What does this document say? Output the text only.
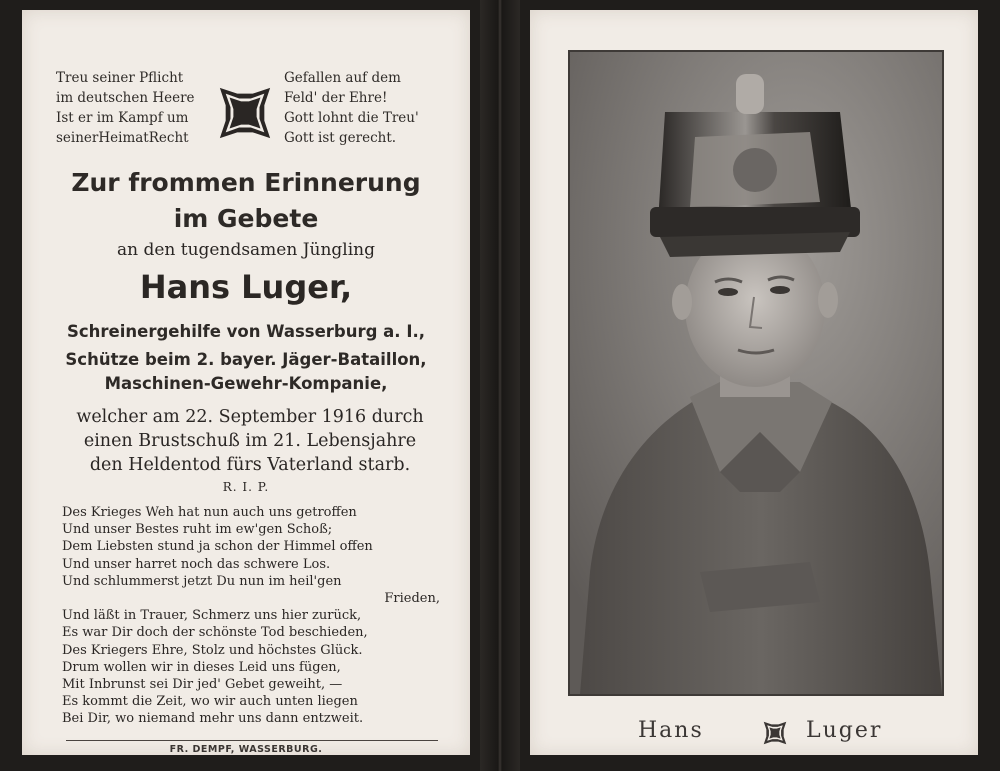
Treu seiner Pflicht
im deutschen Heere
Ist er im Kampf um
seinerHeimatRecht
Gefallen auf dem
Feld' der Ehre!
Gott lohnt die Treu'
Gott ist gerecht.
Zur frommen Erinnerung
im Gebete
an den tugendsamen Jüngling
Hans Luger,
Schreinergehilfe von Wasserburg a. I.,
Schütze beim 2. bayer. Jäger-Bataillon,
Maschinen-Gewehr-Kompanie,
welcher am 22. September 1916 durch
einen Brustschuß im 21. Lebensjahre
den Heldentod fürs Vaterland starb.
R. I. P.
Des Krieges Weh hat nun auch uns getroffen
Und unser Bestes ruht im ew'gen Schoß;
Dem Liebsten stund ja schon der Himmel offen
Und unser harret noch das schwere Los.
Und schlummerst jetzt Du nun im heil'gen
Frieden,
Und läßt in Trauer, Schmerz uns hier zurück,
Es war Dir doch der schönste Tod beschieden,
Des Kriegers Ehre, Stolz und höchstes Glück.
Drum wollen wir in dieses Leid uns fügen,
Mit Inbrunst sei Dir jed' Gebet geweiht, —
Es kommt die Zeit, wo wir auch unten liegen
Bei Dir, wo niemand mehr uns dann entzweit.
FR. DEMPF, WASSERBURG.
Hans	Luger
